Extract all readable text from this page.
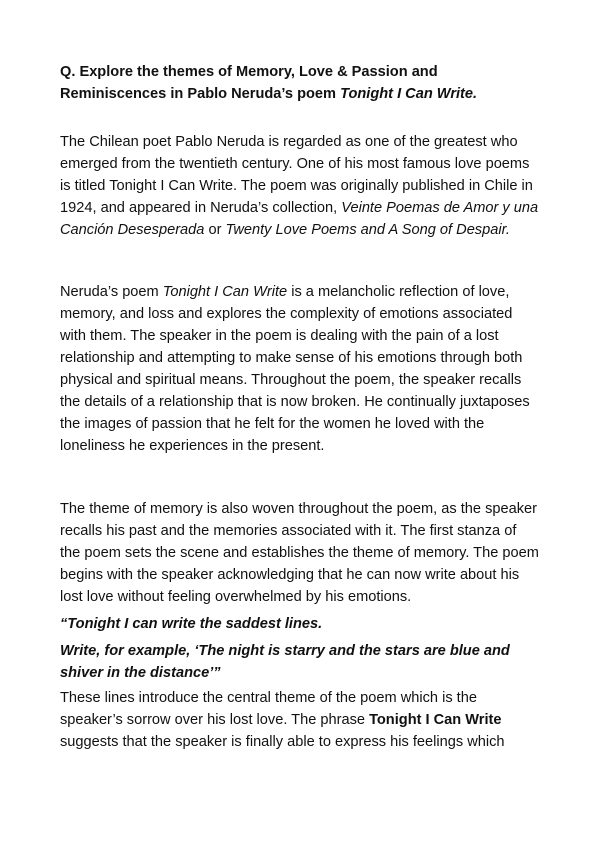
Q. Explore the themes of Memory, Love & Passion and Reminiscences in Pablo Neruda’s poem Tonight I Can Write.

The Chilean poet Pablo Neruda is regarded as one of the greatest who emerged from the twentieth century. One of his most famous love poems is titled Tonight I Can Write. The poem was originally published in Chile in 1924, and appeared in Neruda’s collection, Veinte Poemas de Amor y una Canción Desesperada or Twenty Love Poems and A Song of Despair.

Neruda’s poem Tonight I Can Write is a melancholic reflection of love, memory, and loss and explores the complexity of emotions associated with them. The speaker in the poem is dealing with the pain of a lost relationship and attempting to make sense of his emotions through both physical and spiritual means. Throughout the poem, the speaker recalls the details of a relationship that is now broken. He continually juxtaposes the images of passion that he felt for the women he loved with the loneliness he experiences in the present.

The theme of memory is also woven throughout the poem, as the speaker recalls his past and the memories associated with it. The first stanza of the poem sets the scene and establishes the theme of memory. The poem begins with the speaker acknowledging that he can now write about his lost love without feeling overwhelmed by his emotions.

“Tonight I can write the saddest lines.

Write, for example, ‘The night is starry and the stars are blue and shiver in the distance’”

These lines introduce the central theme of the poem which is the speaker’s sorrow over his lost love. The phrase Tonight I Can Write suggests that the speaker is finally able to express his feelings which
